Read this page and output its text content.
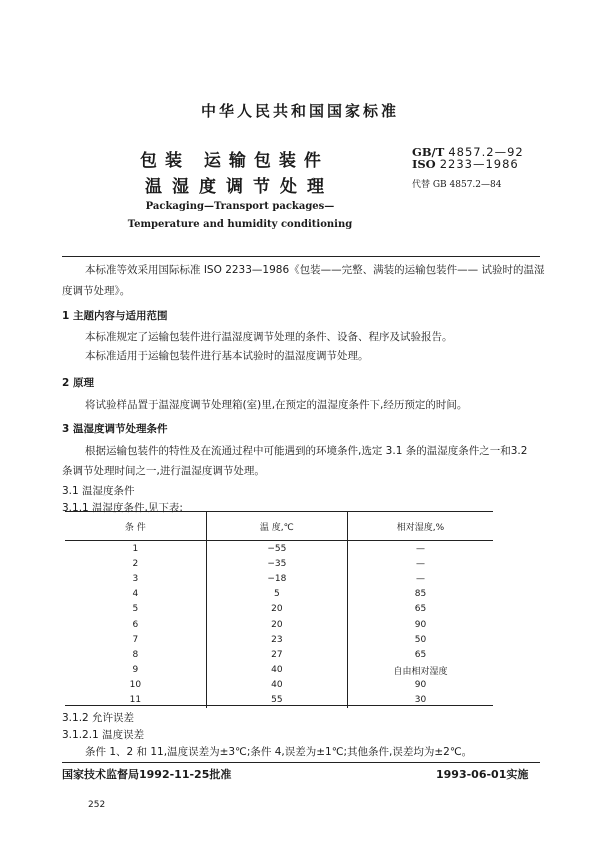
中华人民共和国国家标准
包装 运输包装件
温湿度调节处理
GB/T 4857.2—92
ISO 2233—1986
代替 GB 4857.2—84
Packaging—Transport packages—
Temperature and humidity conditioning
本标准等效采用国际标准 ISO 2233—1986《包装——完整、满装的运输包装件—— 试验时的温湿
度调节处理》。
1 主题内容与适用范围
本标准规定了运输包装件进行温湿度调节处理的条件、设备、程序及试验报告。
本标准适用于运输包装件进行基本试验时的温湿度调节处理。
2 原理
将试验样品置于温湿度调节处理箱(室)里,在预定的温湿度条件下,经历预定的时间。
3 温湿度调节处理条件
根据运输包装件的特性及在流通过程中可能遇到的环境条件,选定 3.1 条的温湿度条件之一和3.2
条调节处理时间之一,进行温湿度调节处理。
3.1 温湿度条件
3.1.1 温湿度条件,见下表:
条 件	温 度,℃	相对湿度,%
1	−55	—
2	−35	—
3	−18	—
4	5	85
5	20	65
6	20	90
7	23	50
8	27	65
9	40	自由相对湿度
10	40	90
11	55	30
3.1.2 允许误差
3.1.2.1 温度误差
条件 1、2 和 11,温度误差为±3℃;条件 4,误差为±1℃;其他条件,误差均为±2℃。
国家技术监督局1992-11-25批准	1993-06-01实施
252
